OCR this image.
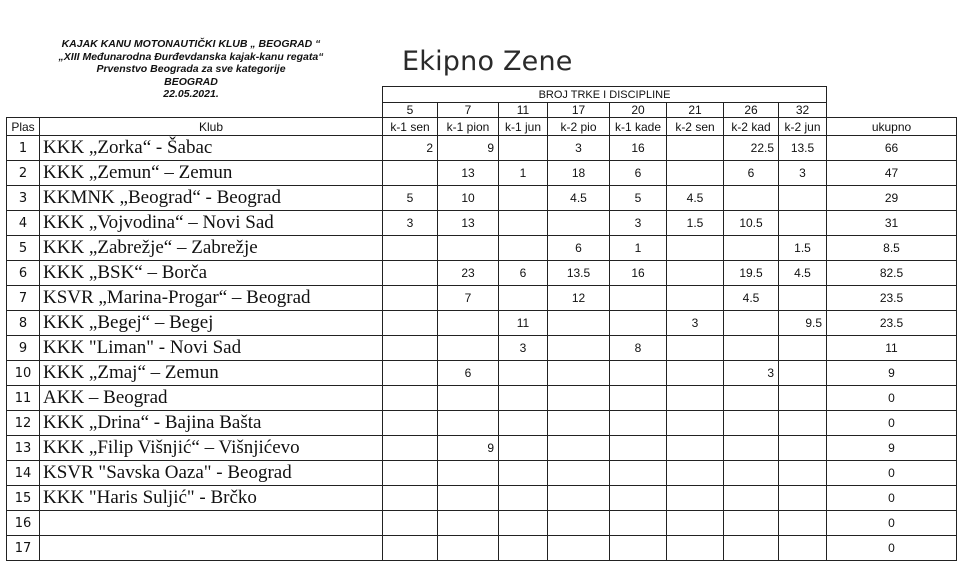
KAJAK KANU MOTONAUTIČKI KLUB „ BEOGRAD “
„XIII Međunarodna Đurđevdanska kajak-kanu regata“
Prvenstvo Beograda za sve kategorije
BEOGRAD
22.05.2021.
Ekipno Zene
		BROJ TRKE I DISCIPLINE								
		5	7	11	17	20	21	26	32	
Plas	Klub	k-1 sen	k-1 pion	k-1 jun	k-2 pio	k-1 kade	k-2 sen	k-2 kad	k-2 jun	ukupno
1	KKK „Zorka“ - Šabac	2	9		3	16		22.5	13.5	66
2	KKK „Zemun“ – Zemun		13	1	18	6		6	3	47
3	KKMNK „Beograd“ - Beograd	5	10		4.5	5	4.5			29
4	KKK „Vojvodina“ – Novi Sad	3	13			3	1.5	10.5		31
5	KKK „Zabrežje“ – Zabrežje				6	1			1.5	8.5
6	KKK „BSK“ – Borča		23	6	13.5	16		19.5	4.5	82.5
7	KSVR „Marina-Progar“ – Beograd		7		12			4.5		23.5
8	KKK „Begej“ – Begej			11			3		9.5	23.5
9	KKK "Liman" - Novi Sad			3		8				11
10	KKK „Zmaj“ – Zemun		6					3		9
11	AKK – Beograd									0
12	KKK „Drina“ - Bajina Bašta									0
13	KKK „Filip Višnjić“ – Višnjićevo		9							9
14	KSVR "Savska Oaza" - Beograd									0
15	KKK "Haris Suljić" - Brčko									0
16										0
17										0
